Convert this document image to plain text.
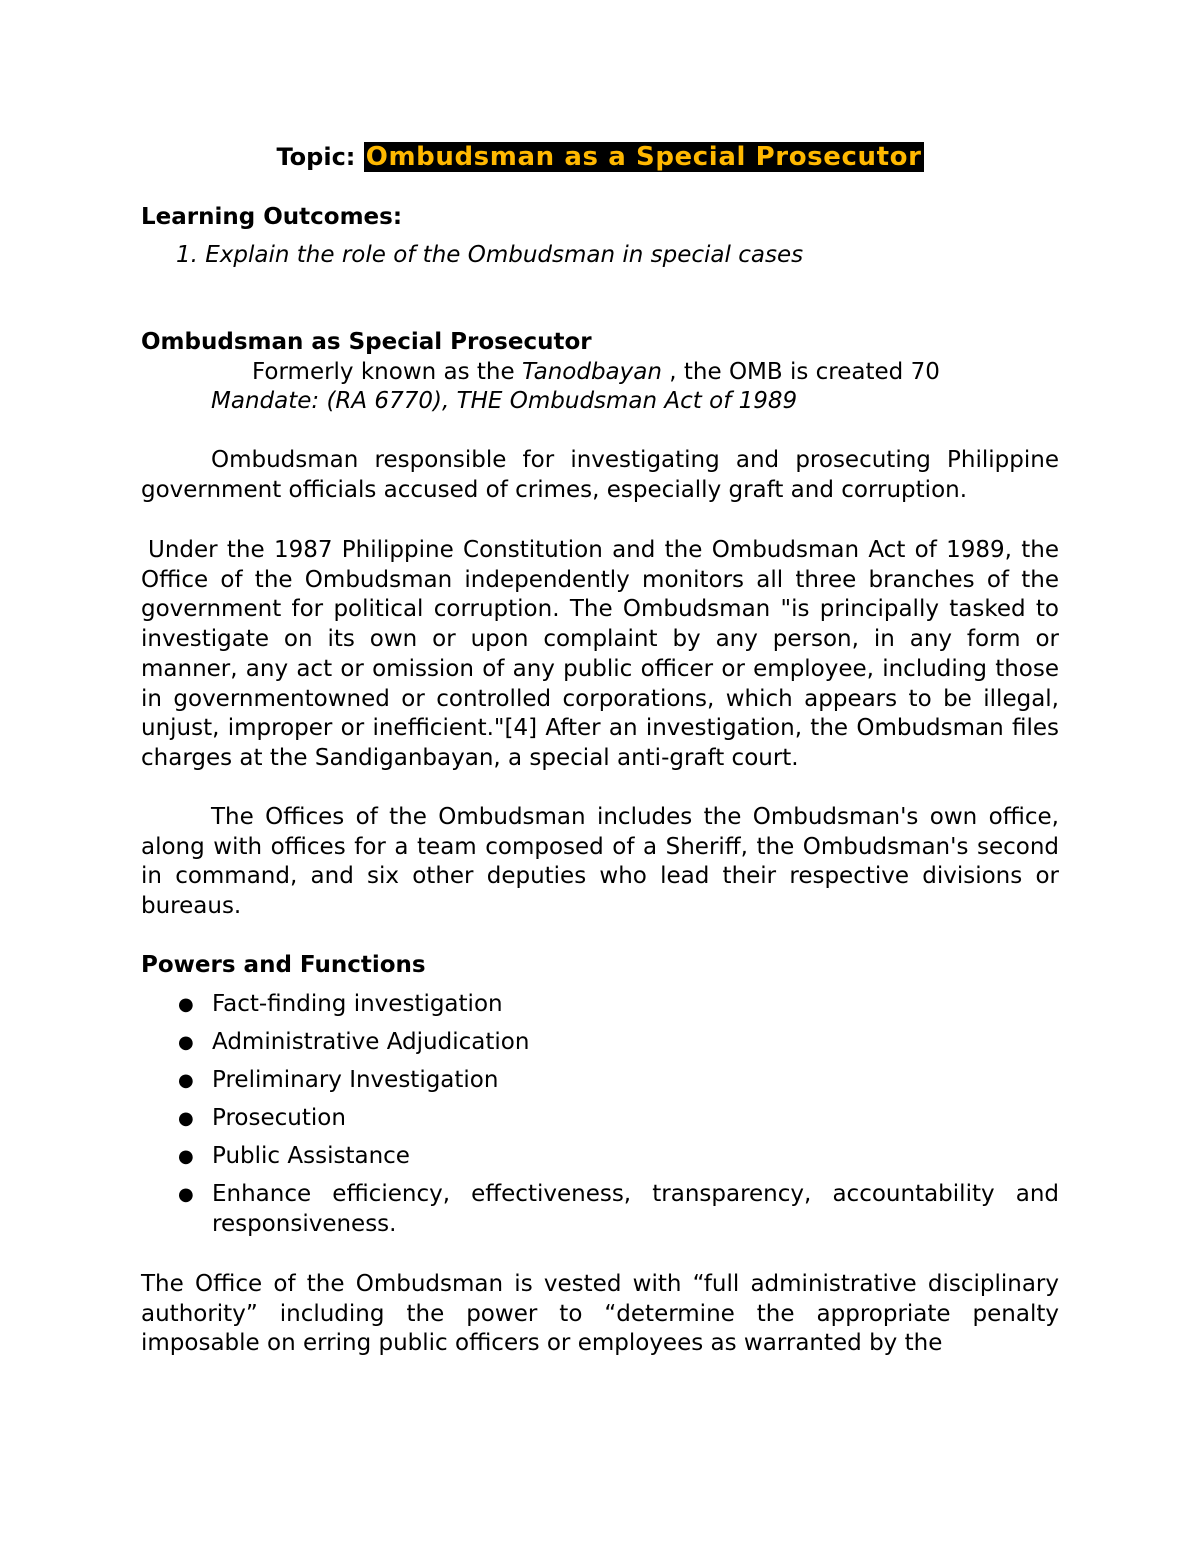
Topic: Ombudsman as a Special Prosecutor
Learning Outcomes:
1. Explain the role of the Ombudsman in special cases
Ombudsman as Special Prosecutor
Formerly known as the Tanodbayan , the OMB is created 70
Mandate: (RA 6770), THE Ombudsman Act of 1989
Ombudsman responsible for investigating and prosecuting Philippine government officials accused of crimes, especially graft and corruption.
Under the 1987 Philippine Constitution and the Ombudsman Act of 1989, the Office of the Ombudsman independently monitors all three branches of the government for political corruption. The Ombudsman "is principally tasked to investigate on its own or upon complaint by any person, in any form or manner, any act or omission of any public officer or employee, including those in governmentowned or controlled corporations, which appears to be illegal, unjust, improper or inefficient."[4] After an investigation, the Ombudsman files charges at the Sandiganbayan, a special anti-graft court.
The Offices of the Ombudsman includes the Ombudsman's own office, along with offices for a team composed of a Sheriff, the Ombudsman's second in command, and six other deputies who lead their respective divisions or bureaus.
Powers and Functions
● Fact-finding investigation
● Administrative Adjudication
● Preliminary Investigation
● Prosecution
● Public Assistance
● Enhance efficiency, effectiveness, transparency, accountability and responsiveness.
The Office of the Ombudsman is vested with “full administrative disciplinary authority” including the power to “determine the appropriate penalty imposable on erring public officers or employees as warranted by the
